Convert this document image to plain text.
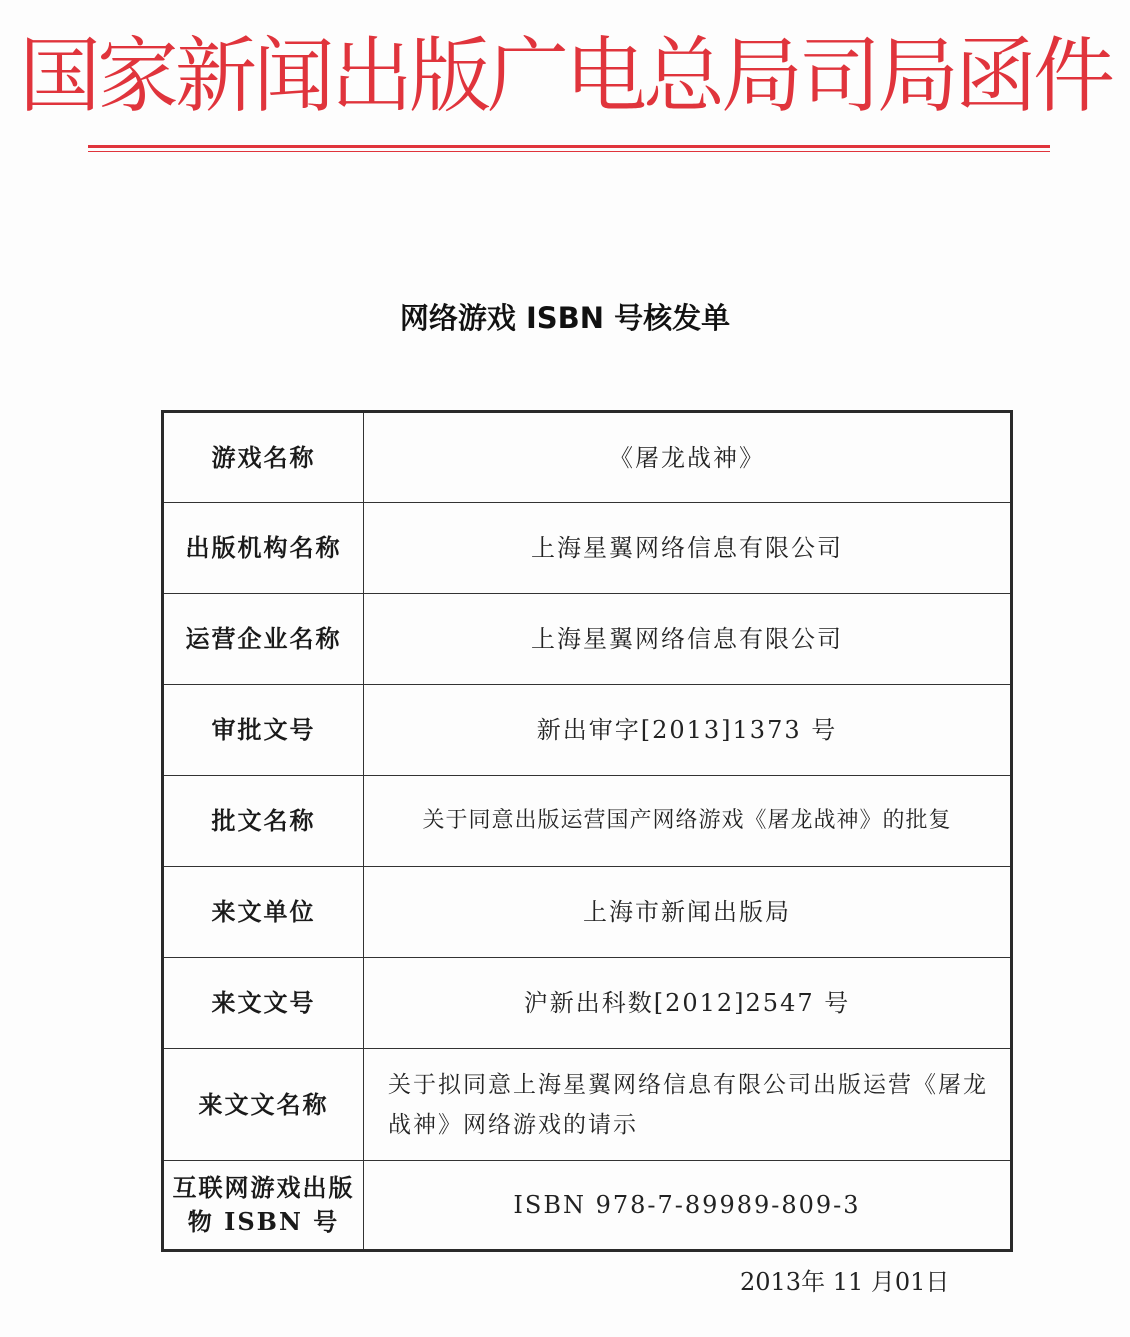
国家新闻出版广电总局司局函件
网络游戏 ISBN 号核发单
游戏名称	《屠龙战神》
出版机构名称	上海星翼网络信息有限公司
运营企业名称	上海星翼网络信息有限公司
审批文号	新出审字[2013]1373 号
批文名称	关于同意出版运营国产网络游戏《屠龙战神》的批复
来文单位	上海市新闻出版局
来文文号	沪新出科数[2012]2547 号
来文文名称	关于拟同意上海星翼网络信息有限公司出版运营《屠龙战神》网络游戏的请示
互联网游戏出版物 ISBN 号	ISBN 978-7-89989-809-3
2013年 11 月01日
